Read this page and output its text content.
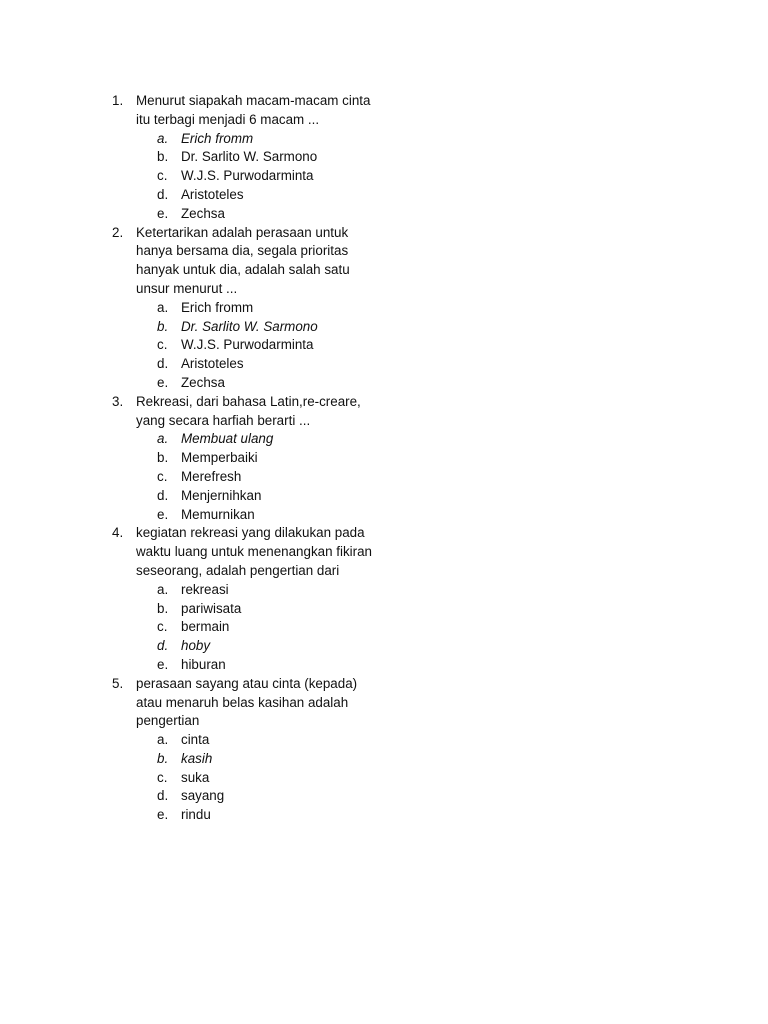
1. Menurut siapakah macam-macam cinta
itu terbagi menjadi 6 macam ...
a. Erich fromm
b. Dr. Sarlito W. Sarmono
c. W.J.S. Purwodarminta
d. Aristoteles
e. Zechsa
2. Ketertarikan adalah perasaan untuk
hanya bersama dia, segala prioritas
hanyak untuk dia, adalah salah satu
unsur menurut ...
a. Erich fromm
b. Dr. Sarlito W. Sarmono
c. W.J.S. Purwodarminta
d. Aristoteles
e. Zechsa
3. Rekreasi, dari bahasa Latin,re-creare,
yang secara harfiah berarti ...
a. Membuat ulang
b. Memperbaiki
c. Merefresh
d. Menjernihkan
e. Memurnikan
4. kegiatan rekreasi yang dilakukan pada
waktu luang untuk menenangkan fikiran
seseorang, adalah pengertian dari
a. rekreasi
b. pariwisata
c. bermain
d. hoby
e. hiburan
5. perasaan sayang atau cinta (kepada)
atau menaruh belas kasihan adalah
pengertian
a. cinta
b. kasih
c. suka
d. sayang
e. rindu
